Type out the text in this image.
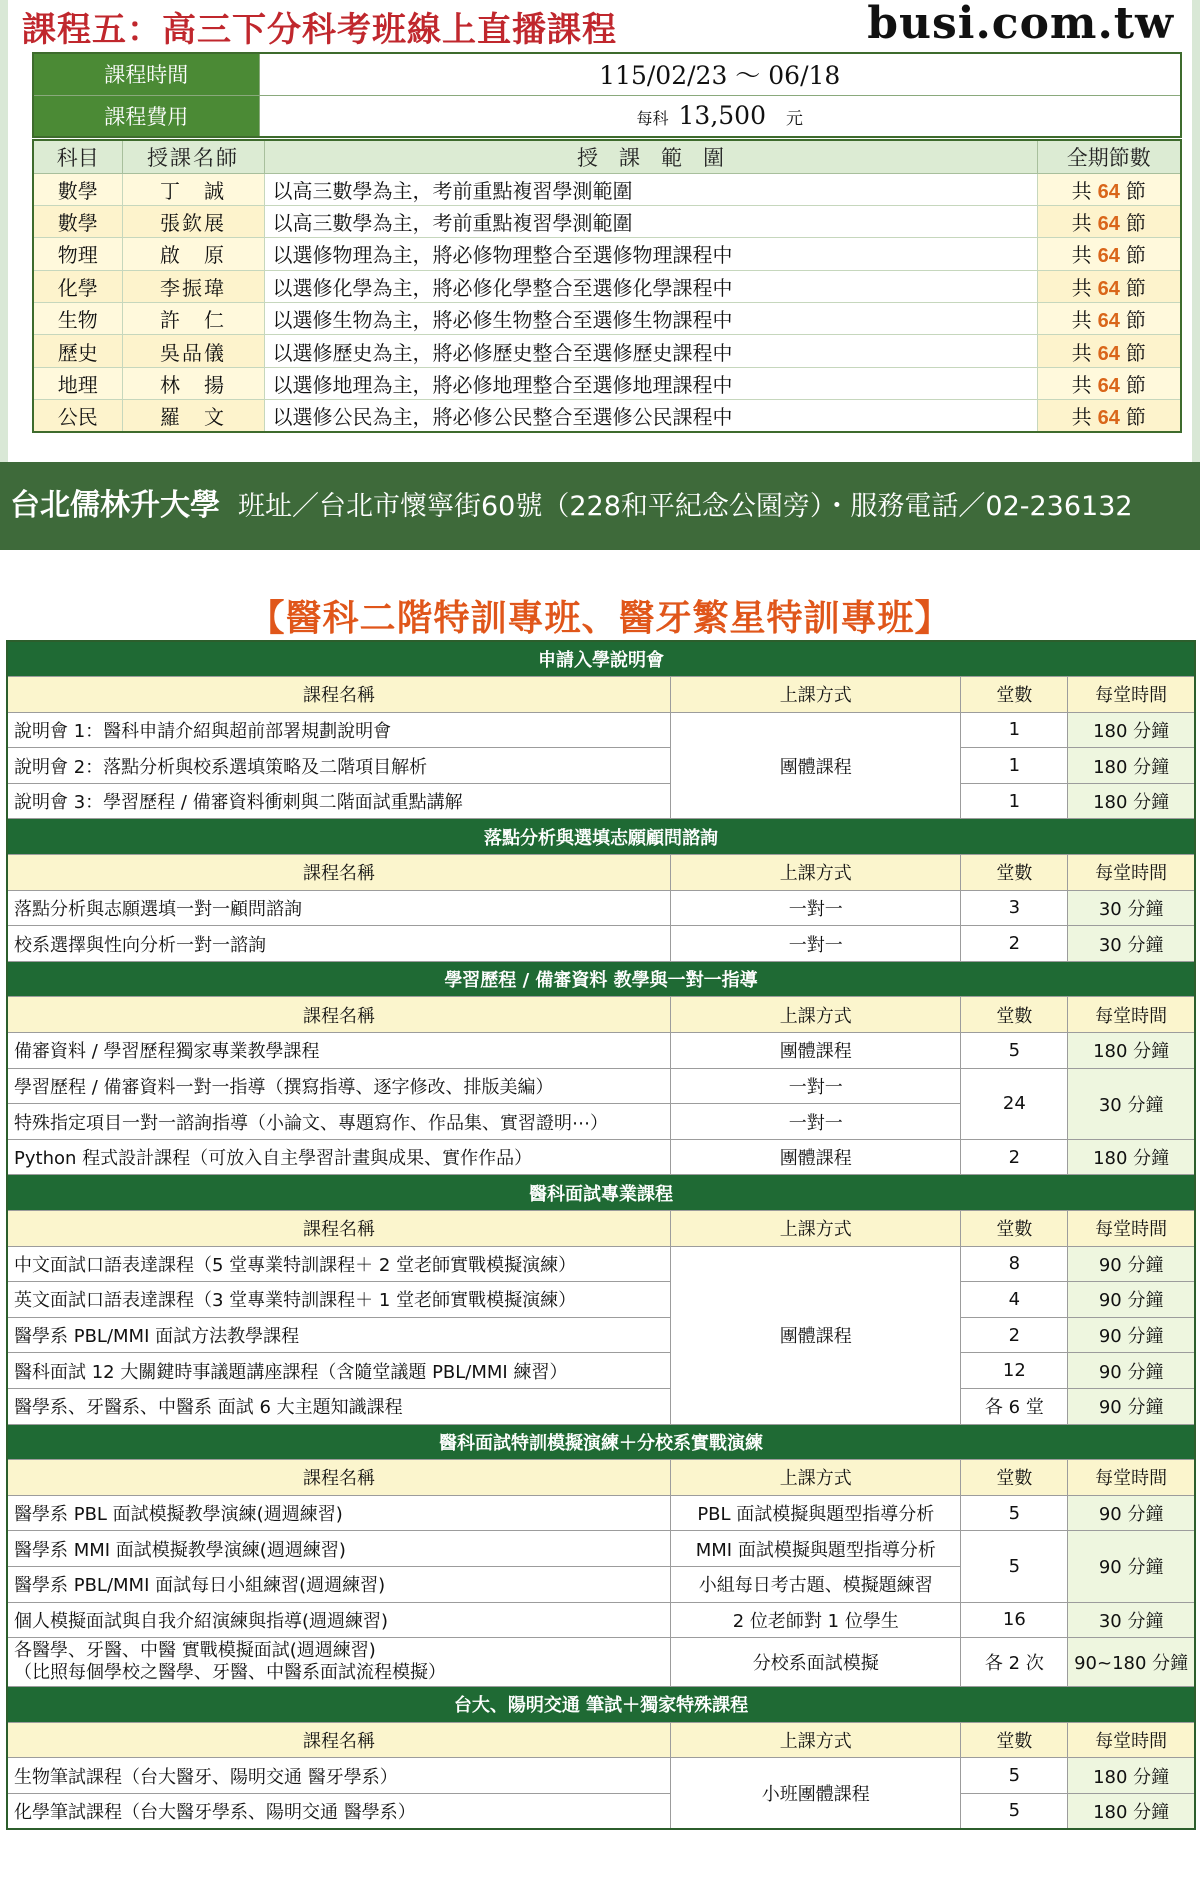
課程五：高三下分科考班線上直播課程	busi.com.tw
課程時間	115/02/23 ～ 06/18
課程費用	每科 13,500 元
科目	授課名師	授　課　範　圍	全期節數
數學	丁　誠	以高三數學為主，考前重點複習學測範圍	共 64 節
數學	張欽展	以高三數學為主，考前重點複習學測範圍	共 64 節
物理	啟　原	以選修物理為主，將必修物理整合至選修物理課程中	共 64 節
化學	李振瑋	以選修化學為主，將必修化學整合至選修化學課程中	共 64 節
生物	許　仁	以選修生物為主，將必修生物整合至選修生物課程中	共 64 節
歷史	吳品儀	以選修歷史為主，將必修歷史整合至選修歷史課程中	共 64 節
地理	林　揚	以選修地理為主，將必修地理整合至選修地理課程中	共 64 節
公民	羅　文	以選修公民為主，將必修公民整合至選修公民課程中	共 64 節
台北儒林升大學 班址／台北市懷寧街60號（228和平紀念公園旁）・服務電話／02-236132
【醫科二階特訓專班、醫牙繁星特訓專班】
申請入學說明會			
課程名稱	上課方式	堂數	每堂時間
說明會 1：醫科申請介紹與超前部署規劃說明會	團體課程	1	180 分鐘
說明會 2：落點分析與校系選填策略及二階項目解析		1	180 分鐘
說明會 3：學習歷程 / 備審資料衝刺與二階面試重點講解		1	180 分鐘
落點分析與選填志願顧問諮詢			
課程名稱	上課方式	堂數	每堂時間
落點分析與志願選填一對一顧問諮詢	一對一	3	30 分鐘
校系選擇與性向分析一對一諮詢	一對一	2	30 分鐘
學習歷程 / 備審資料 教學與一對一指導			
課程名稱	上課方式	堂數	每堂時間
備審資料 / 學習歷程獨家專業教學課程	團體課程	5	180 分鐘
學習歷程 / 備審資料一對一指導（撰寫指導、逐字修改、排版美編）	一對一	24	30 分鐘
特殊指定項目一對一諮詢指導（小論文、專題寫作、作品集、實習證明⋯）	一對一		
Python 程式設計課程（可放入自主學習計畫與成果、實作作品）	團體課程	2	180 分鐘
醫科面試專業課程			
課程名稱	上課方式	堂數	每堂時間
中文面試口語表達課程（5 堂專業特訓課程＋ 2 堂老師實戰模擬演練）	團體課程	8	90 分鐘
英文面試口語表達課程（3 堂專業特訓課程＋ 1 堂老師實戰模擬演練）		4	90 分鐘
醫學系 PBL/MMI 面試方法教學課程		2	90 分鐘
醫科面試 12 大關鍵時事議題講座課程（含隨堂議題 PBL/MMI 練習）		12	90 分鐘
醫學系、牙醫系、中醫系 面試 6 大主題知識課程		各 6 堂	90 分鐘
醫科面試特訓模擬演練＋分校系實戰演練			
課程名稱	上課方式	堂數	每堂時間
醫學系 PBL 面試模擬教學演練(週週練習)	PBL 面試模擬與題型指導分析	5	90 分鐘
醫學系 MMI 面試模擬教學演練(週週練習)	MMI 面試模擬與題型指導分析	5	90 分鐘
醫學系 PBL/MMI 面試每日小組練習(週週練習)	小組每日考古題、模擬題練習		
個人模擬面試與自我介紹演練與指導(週週練習)	2 位老師對 1 位學生	16	30 分鐘

各醫學、牙醫、中醫 實戰模擬面試(週週練習)
（比照每個學校之醫學、牙醫、中醫系面試流程模擬）	分校系面試模擬	各 2 次	90~180 分鐘
台大、陽明交通 筆試＋獨家特殊課程			
課程名稱	上課方式	堂數	每堂時間
生物筆試課程（台大醫牙、陽明交通 醫牙學系）	小班團體課程	5	180 分鐘
化學筆試課程（台大醫牙學系、陽明交通 醫學系）		5	180 分鐘
